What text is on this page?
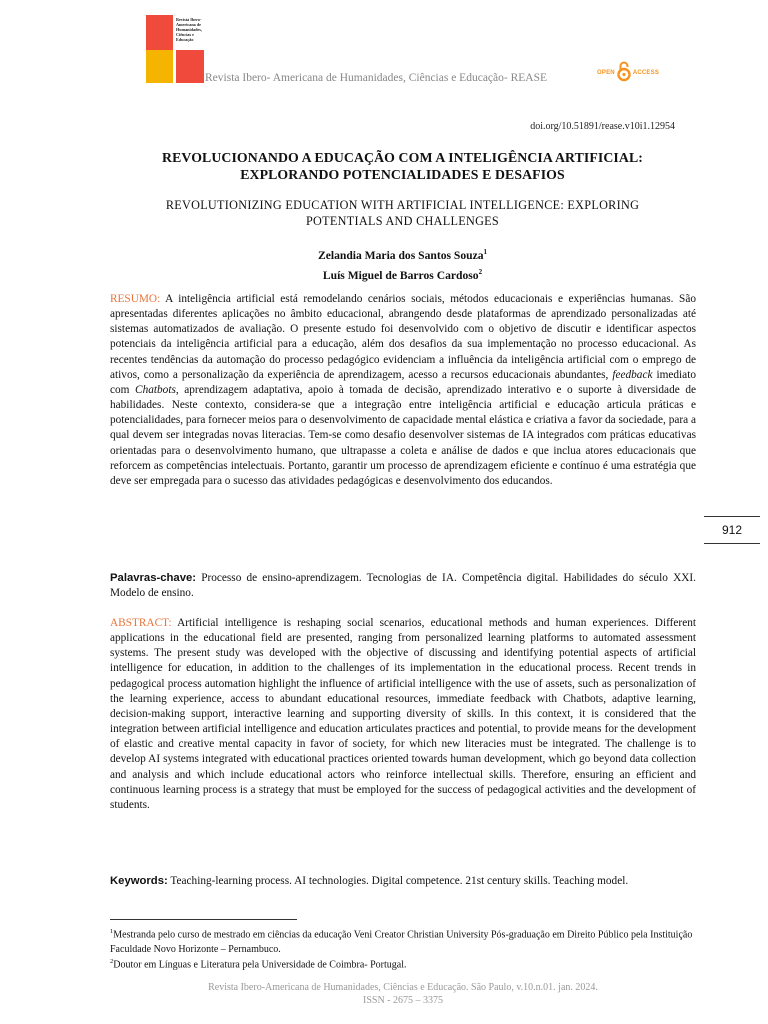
Revista Ibero-
Americana de
Humanidades,
Ciências e
Educação
Revista Ibero- Americana de Humanidades, Ciências e Educação- REASE	OPEN	ACCESS
doi.org/10.51891/rease.v10i1.12954
REVOLUCIONANDO A EDUCAÇÃO COM A INTELIGÊNCIA ARTIFICIAL:
EXPLORANDO POTENCIALIDADES E DESAFIOS
REVOLUTIONIZING EDUCATION WITH ARTIFICIAL INTELLIGENCE: EXPLORING
POTENTIALS AND CHALLENGES
Zelandia Maria dos Santos Souza$^1$
Luís Miguel de Barros Cardoso$^2$
RESUMO: A inteligência artificial está remodelando cenários sociais, métodos educacionais e experiências humanas. São apresentadas diferentes aplicações no âmbito educacional, abrangendo desde plataformas de aprendizado personalizadas até sistemas automatizados de avaliação. O presente estudo foi desenvolvido com o objetivo de discutir e identificar aspectos potenciais da inteligência artificial para a educação, além dos desafios da sua implementação no processo educacional. As recentes tendências da automação do processo pedagógico evidenciam a influência da inteligência artificial com o emprego de ativos, como a personalização da experiência de aprendizagem, acesso a recursos educacionais abundantes, feedback imediato com Chatbots, aprendizagem adaptativa, apoio à tomada de decisão, aprendizado interativo e o suporte à diversidade de habilidades. Neste contexto, considera-se que a integração entre inteligência artificial e educação articula práticas e potencialidades, para fornecer meios para o desenvolvimento de capacidade mental elástica e criativa a favor da sociedade, para a qual devem ser integradas novas literacias. Tem-se como desafio desenvolver sistemas de IA integrados com práticas educativas orientadas para o desenvolvimento humano, que ultrapasse a coleta e análise de dados e que inclua atores educacionais que reforcem as competências intelectuais. Portanto, garantir um processo de aprendizagem eficiente e contínuo é uma estratégia que deve ser empregada para o sucesso das atividades pedagógicas e desenvolvimento dos educandos.
Palavras-chave: Processo de ensino-aprendizagem. Tecnologias de IA. Competência digital. Habilidades do século XXI. Modelo de ensino.
ABSTRACT: Artificial intelligence is reshaping social scenarios, educational methods and human experiences. Different applications in the educational field are presented, ranging from personalized learning platforms to automated assessment systems. The present study was developed with the objective of discussing and identifying potential aspects of artificial intelligence for education, in addition to the challenges of its implementation in the educational process. Recent trends in pedagogical process automation highlight the influence of artificial intelligence with the use of assets, such as personalization of the learning experience, access to abundant educational resources, immediate feedback with Chatbots, adaptive learning, decision-making support, interactive learning and supporting diversity of skills. In this context, it is considered that the integration between artificial intelligence and education articulates practices and potential, to provide means for the development of elastic and creative mental capacity in favor of society, for which new literacies must be integrated. The challenge is to develop AI systems integrated with educational practices oriented towards human development, which go beyond data collection and analysis and which include educational actors who reinforce intellectual skills. Therefore, ensuring an efficient and continuous learning process is a strategy that must be employed for the success of pedagogical activities and the development of students.
Keywords: Teaching-learning process. AI technologies. Digital competence. 21st century skills. Teaching model.
912
$^1$Mestranda pelo curso de mestrado em ciências da educação Veni Creator Christian University Pós-graduação em Direito Público pela Instituição Faculdade Novo Horizonte – Pernambuco.
$^2$Doutor em Línguas e Literatura pela Universidade de Coimbra- Portugal.
Revista Ibero-Americana de Humanidades, Ciências e Educação. São Paulo, v.10.n.01. jan. 2024.
ISSN - 2675 – 3375
